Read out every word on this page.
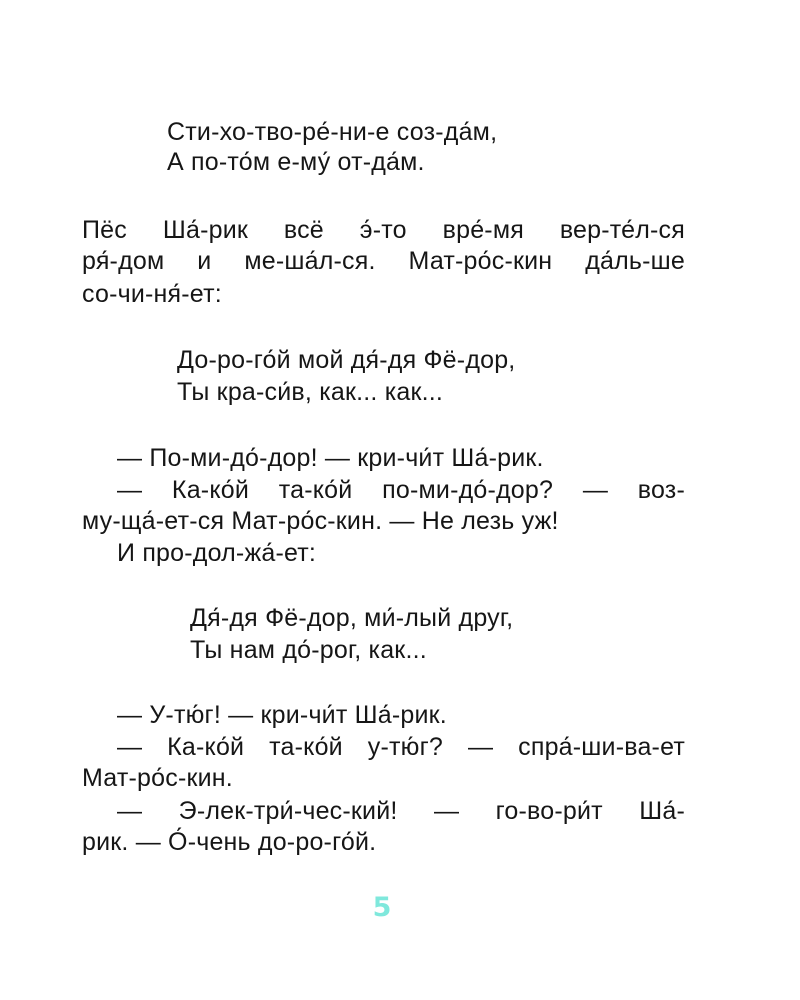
Сти-хо-тво-ре́-ни-е соз-да́м,
А по-то́м е-му́ от-да́м.
Пёс Ша́-рик всё э́-то вре́-мя вер-те́л-ся
ря́-дом и ме-ша́л-ся. Мат-ро́с-кин да́ль-ше
со-чи-ня́-ет:
До-ро-го́й мой дя́-дя Фё-дор,
Ты кра-си́в, как... как...
— По-ми-до́-дор! — кри-чи́т Ша́-рик.
— Ка-ко́й та-ко́й по-ми-до́-дор? — воз-
му-ща́-ет-ся Мат-ро́с-кин. — Не лезь уж!
И про-дол-жа́-ет:
Дя́-дя Фё-дор, ми́-лый друг,
Ты нам до́-рог, как...
— У-тю́г! — кри-чи́т Ша́-рик.
— Ка-ко́й та-ко́й у-тю́г? — спра́-ши-ва-ет
Мат-ро́с-кин.
— Э-лек-три́-чес-кий! — го-во-ри́т Ша́-
рик. — О́-чень до-ро-го́й.
5
